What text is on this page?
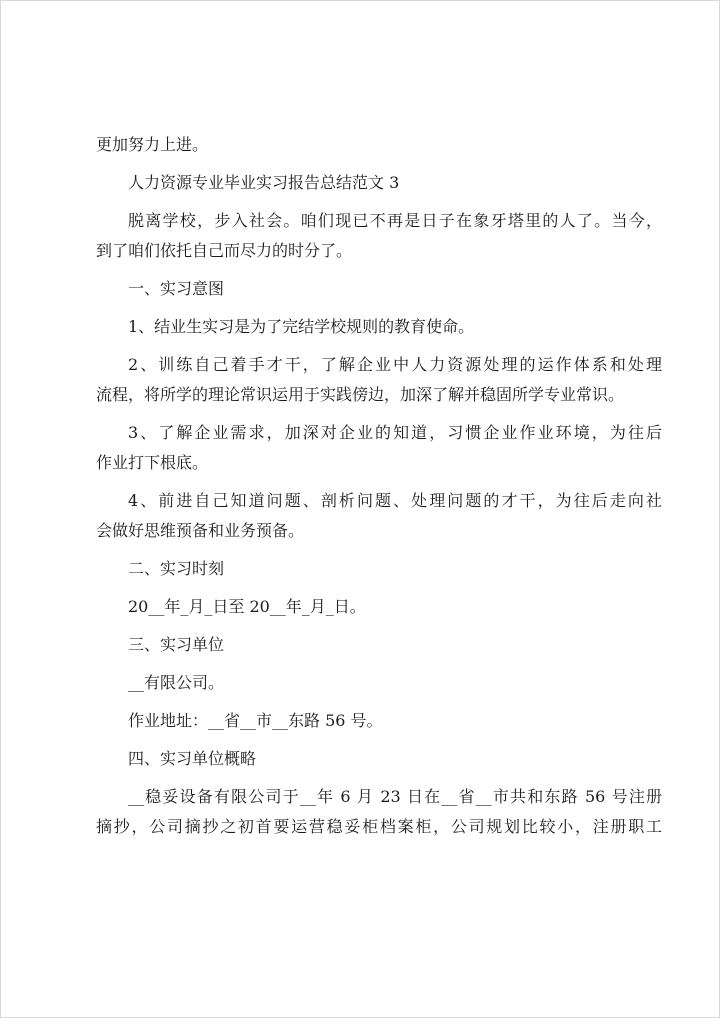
更加努力上进。

人力资源专业毕业实习报告总结范文 3

脱离学校，步入社会。咱们现已不再是日子在象牙塔里的人了。当今，

到了咱们依托自己而尽力的时分了。

一、实习意图

1、结业生实习是为了完结学校规则的教育使命。

2、训练自己着手才干，了解企业中人力资源处理的运作体系和处理

流程，将所学的理论常识运用于实践傍边，加深了解并稳固所学专业常识。

3、了解企业需求，加深对企业的知道，习惯企业作业环境，为往后

作业打下根底。

4、前进自己知道问题、剖析问题、处理问题的才干，为往后走向社

会做好思维预备和业务预备。

二、实习时刻

20__年_月_日至 20__年_月_日。

三、实习单位

__有限公司。

作业地址：__省__市__东路 56 号。

四、实习单位概略

__稳妥设备有限公司于__年 6 月 23 日在__省__市共和东路 56 号注册

摘抄，公司摘抄之初首要运营稳妥柜档案柜，公司规划比较小，注册职工
